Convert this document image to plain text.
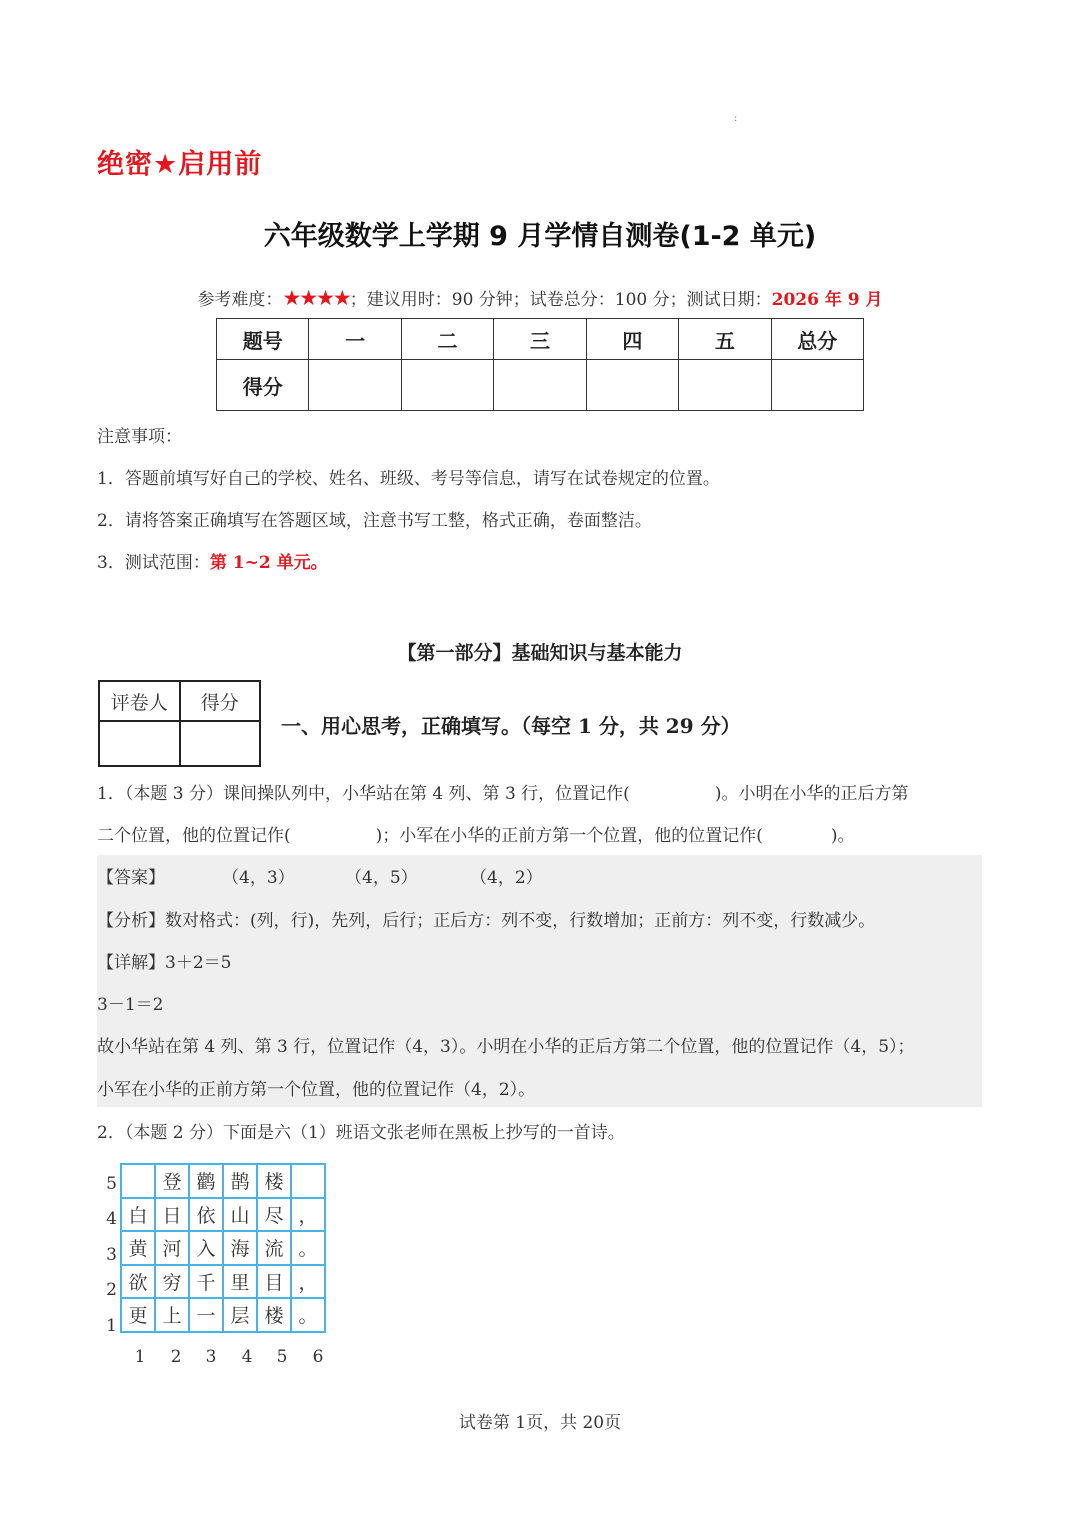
ː
绝密★启用前
六年级数学上学期 9 月学情自测卷(1-2 单元)
参考难度：★★★★；建议用时：90 分钟；试卷总分：100 分；测试日期：2026 年 9 月
题号	一	二	三	四	五	总分
得分						
注意事项：
1．答题前填写好自己的学校、姓名、班级、考号等信息，请写在试卷规定的位置。
2．请将答案正确填写在答题区域，注意书写工整，格式正确，卷面整洁。
3．测试范围：第 1~2 单元。
【第一部分】基础知识与基本能力
评卷人	得分

一、用心思考，正确填写。（每空 1 分，共 29 分）
1．（本题 3 分）课间操队列中，小华站在第 4 列、第 3 行，位置记作(　　　　　)。小明在小华的正后方第
二个位置，他的位置记作(　　　　　)；小军在小华的正前方第一个位置，他的位置记作(　　　　)。
【答案】	（4，3）	（4，5）	（4，2）
【分析】数对格式：(列，行)，先列，后行；正后方：列不变，行数增加；正前方：列不变，行数减少。
【详解】3＋2＝5
3－1＝2
故小华站在第 4 列、第 3 行，位置记作（4，3）。小明在小华的正后方第二个位置，他的位置记作（4，5）；
小军在小华的正前方第一个位置，他的位置记作（4，2）。
2．（本题 2 分）下面是六（1）班语文张老师在黑板上抄写的一首诗。
5
4
3
2
1
	登	鹳	鹊	楼	
白	日	依	山	尽	，
黄	河	入	海	流	。
欲	穷	千	里	目	，
更	上	一	层	楼	。
1 2 3 4 5 6
试卷第 1页，共 20页
